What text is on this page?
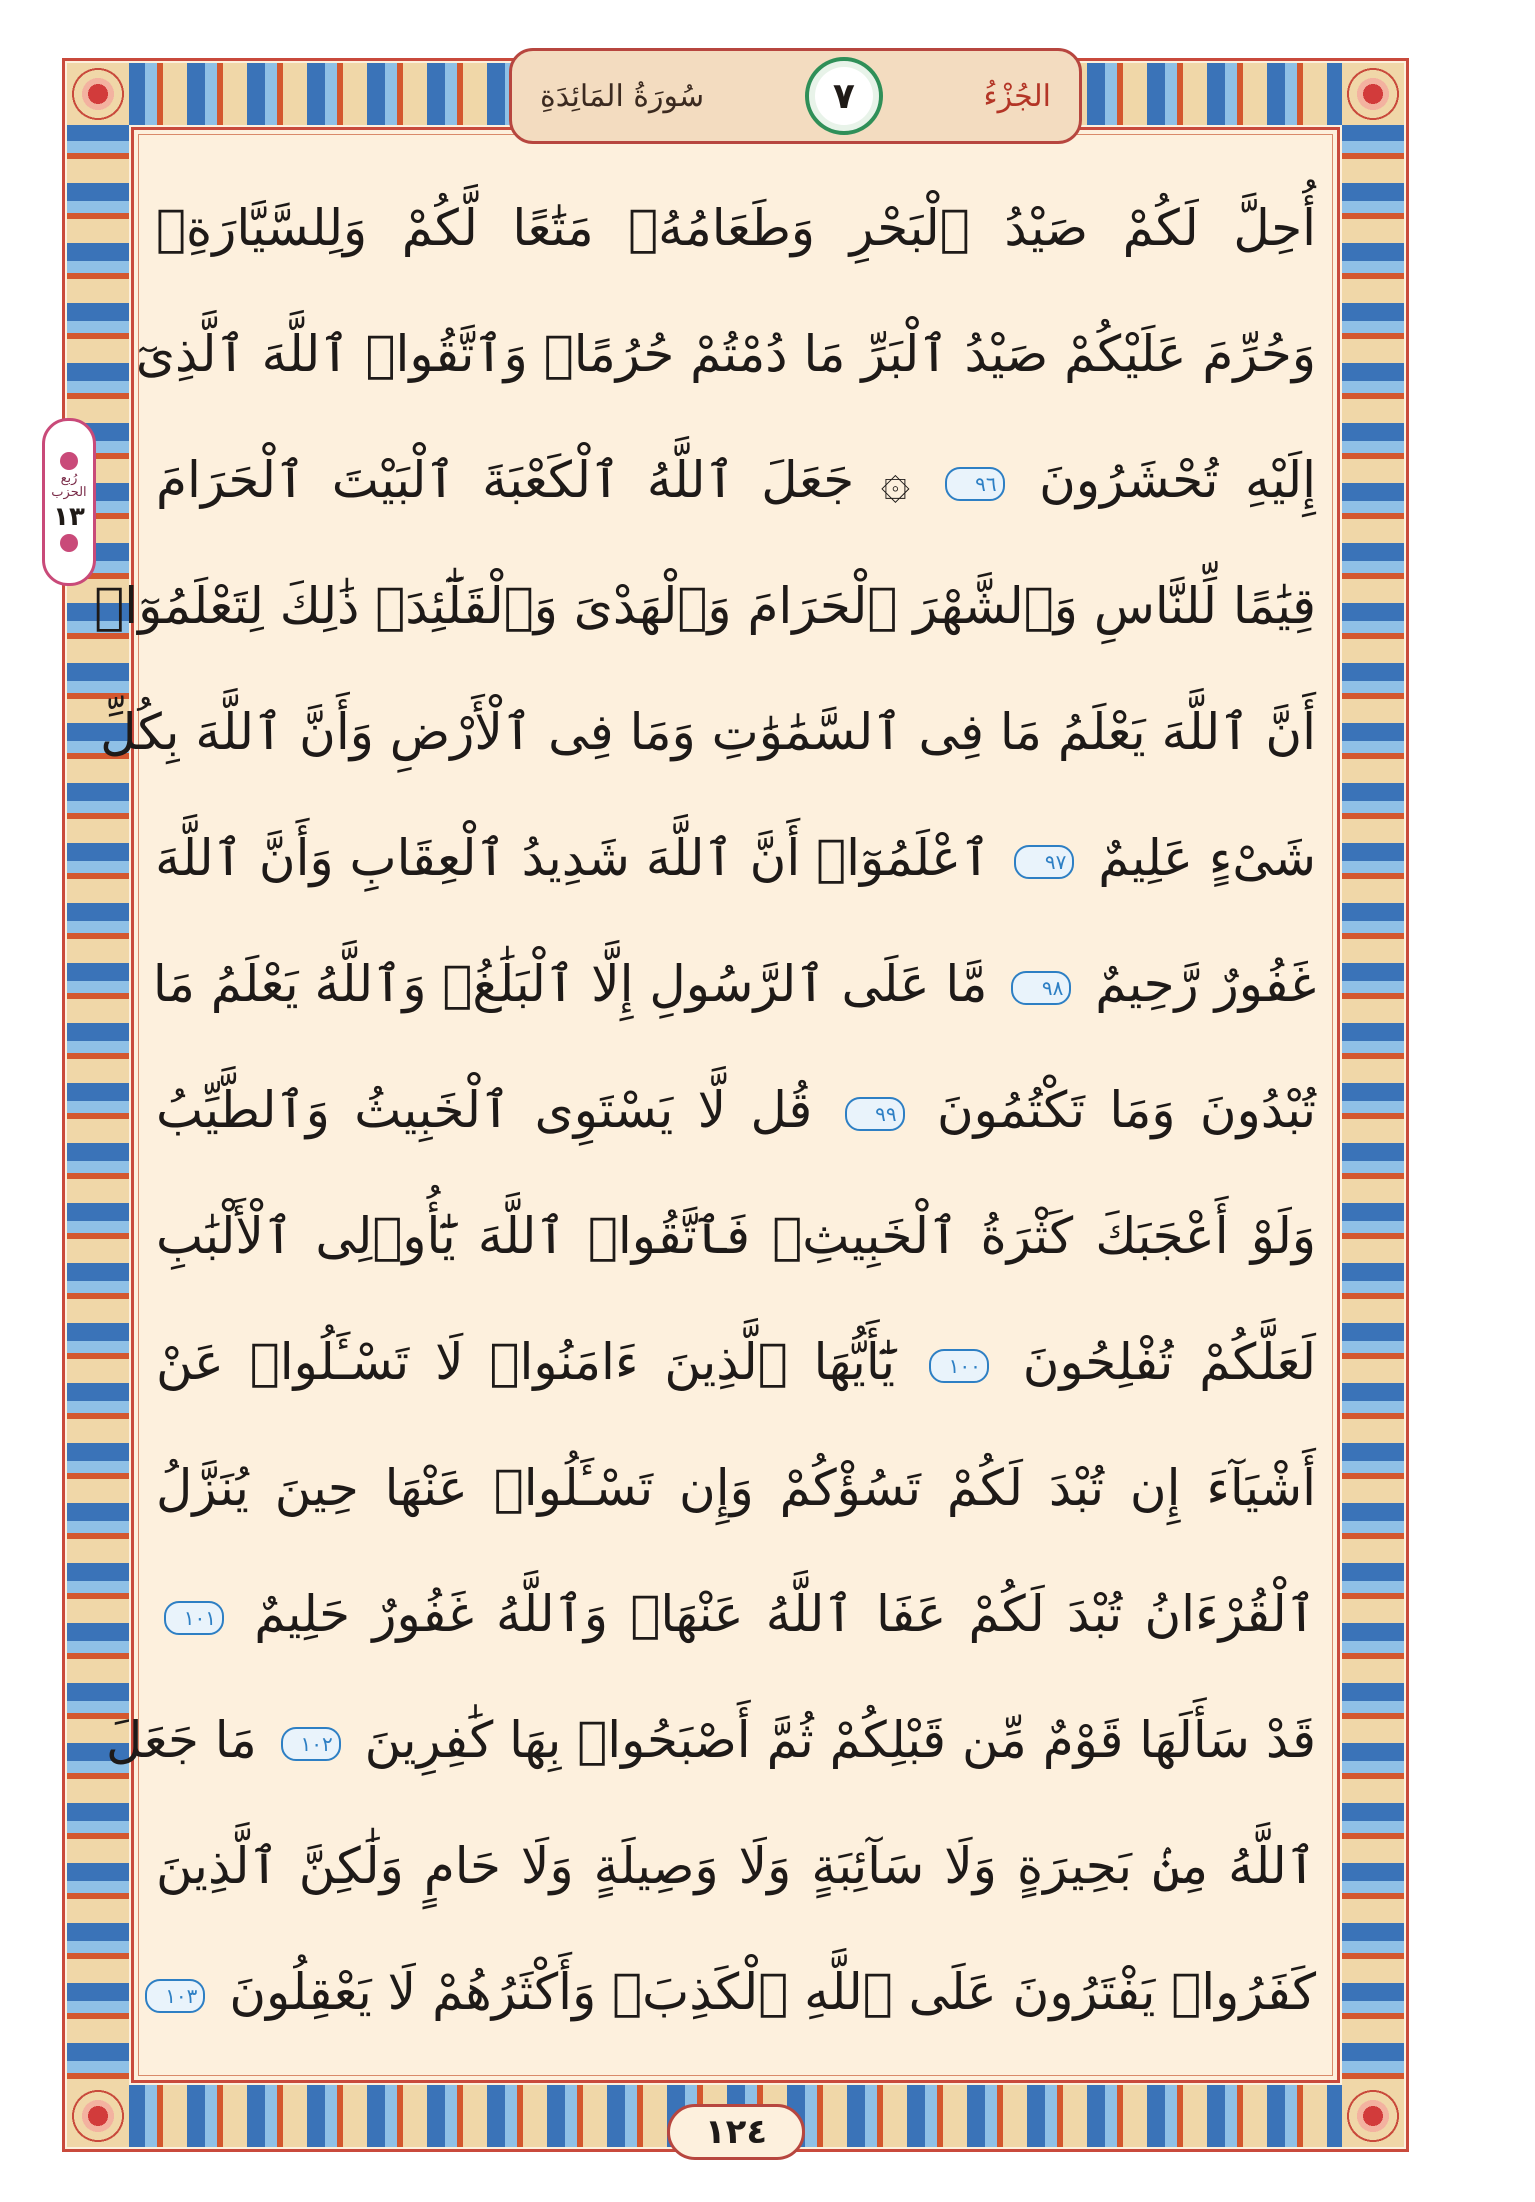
سُورَةُ المَائِدَةِ	٧	الجُزْءُ
رُبع الحزب
١٣
أُحِلَّ لَكُمْ صَيْدُ ٱلْبَحْرِ وَطَعَامُهُۥ مَتَٰعًا لَّكُمْ وَلِلسَّيَّارَةِۖ
وَحُرِّمَ عَلَيْكُمْ صَيْدُ ٱلْبَرِّ مَا دُمْتُمْ حُرُمًاۗ وَٱتَّقُوا۟ ٱللَّهَ ٱلَّذِىٓ
إِلَيْهِ تُحْشَرُونَ ٩٦ ۞ جَعَلَ ٱللَّهُ ٱلْكَعْبَةَ ٱلْبَيْتَ ٱلْحَرَامَ
قِيَٰمًا لِّلنَّاسِ وَٱلشَّهْرَ ٱلْحَرَامَ وَٱلْهَدْىَ وَٱلْقَلَٰٓئِدَۚ ذَٰلِكَ لِتَعْلَمُوٓا۟
أَنَّ ٱللَّهَ يَعْلَمُ مَا فِى ٱلسَّمَٰوَٰتِ وَمَا فِى ٱلْأَرْضِ وَأَنَّ ٱللَّهَ بِكُلِّ
شَىْءٍ عَلِيمٌ ٩٧ ٱعْلَمُوٓا۟ أَنَّ ٱللَّهَ شَدِيدُ ٱلْعِقَابِ وَأَنَّ ٱللَّهَ
غَفُورٌ رَّحِيمٌ ٩٨ مَّا عَلَى ٱلرَّسُولِ إِلَّا ٱلْبَلَٰغُۗ وَٱللَّهُ يَعْلَمُ مَا
تُبْدُونَ وَمَا تَكْتُمُونَ ٩٩ قُل لَّا يَسْتَوِى ٱلْخَبِيثُ وَٱلطَّيِّبُ
وَلَوْ أَعْجَبَكَ كَثْرَةُ ٱلْخَبِيثِۚ فَٱتَّقُوا۟ ٱللَّهَ يَٰٓأُو۟لِى ٱلْأَلْبَٰبِ
لَعَلَّكُمْ تُفْلِحُونَ ١٠٠ يَٰٓأَيُّهَا ٱلَّذِينَ ءَامَنُوا۟ لَا تَسْـَٔلُوا۟ عَنْ
أَشْيَآءَ إِن تُبْدَ لَكُمْ تَسُؤْكُمْ وَإِن تَسْـَٔلُوا۟ عَنْهَا حِينَ يُنَزَّلُ
ٱلْقُرْءَانُ تُبْدَ لَكُمْ عَفَا ٱللَّهُ عَنْهَاۗ وَٱللَّهُ غَفُورٌ حَلِيمٌ ١٠١
قَدْ سَأَلَهَا قَوْمٌ مِّن قَبْلِكُمْ ثُمَّ أَصْبَحُوا۟ بِهَا كَٰفِرِينَ ١٠٢ مَا جَعَلَ
ٱللَّهُ مِنۢ بَحِيرَةٍ وَلَا سَآئِبَةٍ وَلَا وَصِيلَةٍ وَلَا حَامٍ وَلَٰكِنَّ ٱلَّذِينَ
كَفَرُوا۟ يَفْتَرُونَ عَلَى ٱللَّهِ ٱلْكَذِبَۖ وَأَكْثَرُهُمْ لَا يَعْقِلُونَ ١٠٣
١٢٤
